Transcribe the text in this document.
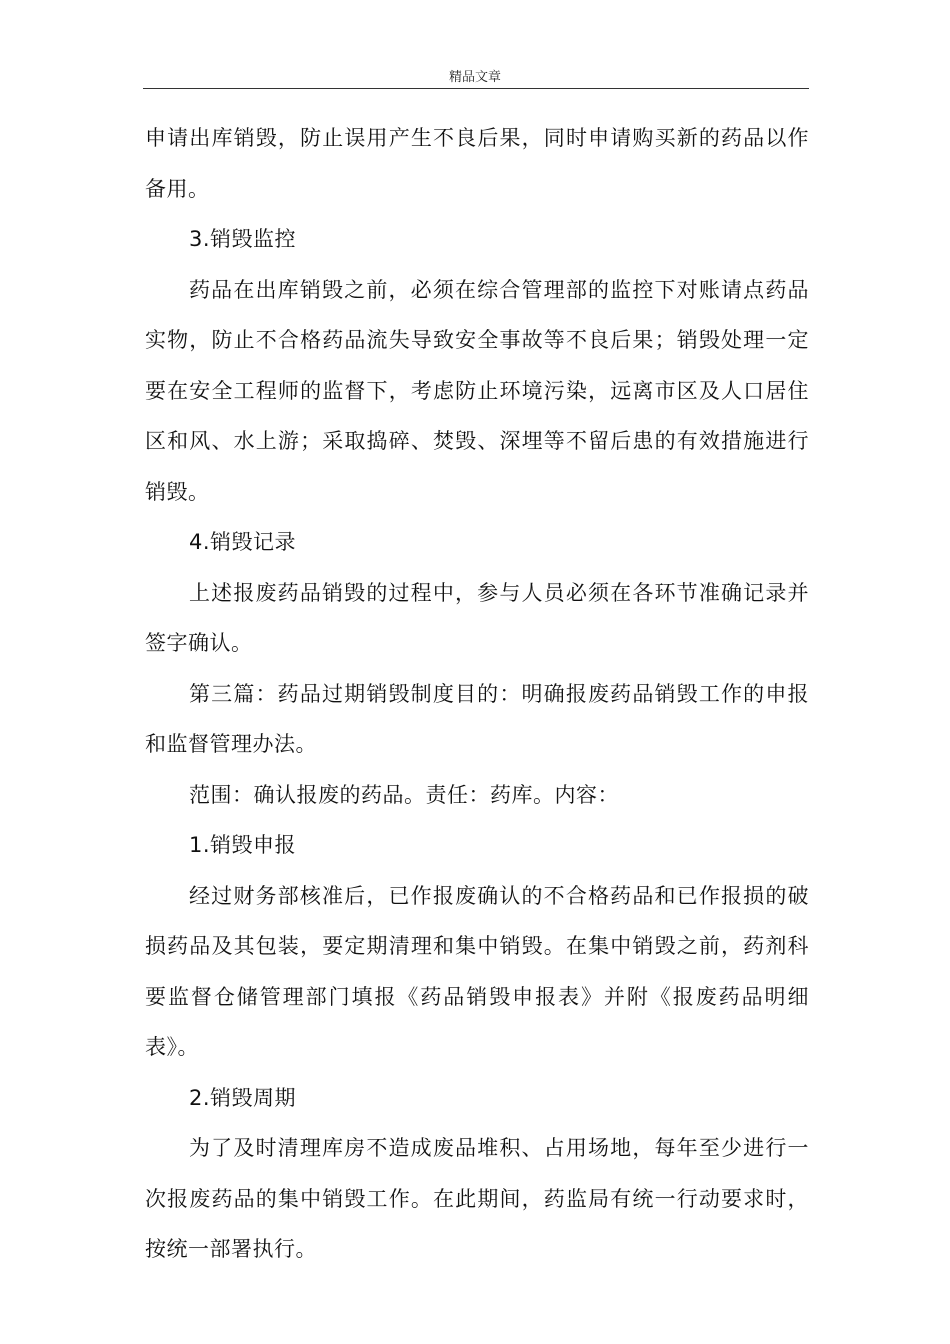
精品文章

申请出库销毁，防止误用产生不良后果，同时申请购买新的药品以作备用。

3.销毁监控

药品在出库销毁之前，必须在综合管理部的监控下对账请点药品实物，防止不合格药品流失导致安全事故等不良后果；销毁处理一定要在安全工程师的监督下，考虑防止环境污染，远离市区及人口居住区和风、水上游；采取捣碎、焚毁、深埋等不留后患的有效措施进行销毁。

4.销毁记录

上述报废药品销毁的过程中，参与人员必须在各环节准确记录并签字确认。

第三篇：药品过期销毁制度目的：明确报废药品销毁工作的申报和监督管理办法。

范围：确认报废的药品。责任：药库。内容：

1.销毁申报

经过财务部核准后，已作报废确认的不合格药品和已作报损的破损药品及其包装，要定期清理和集中销毁。在集中销毁之前，药剂科要监督仓储管理部门填报《药品销毁申报表》并附《报废药品明细表》。

2.销毁周期

为了及时清理库房不造成废品堆积、占用场地，每年至少进行一次报废药品的集中销毁工作。在此期间，药监局有统一行动要求时，按统一部署执行。
